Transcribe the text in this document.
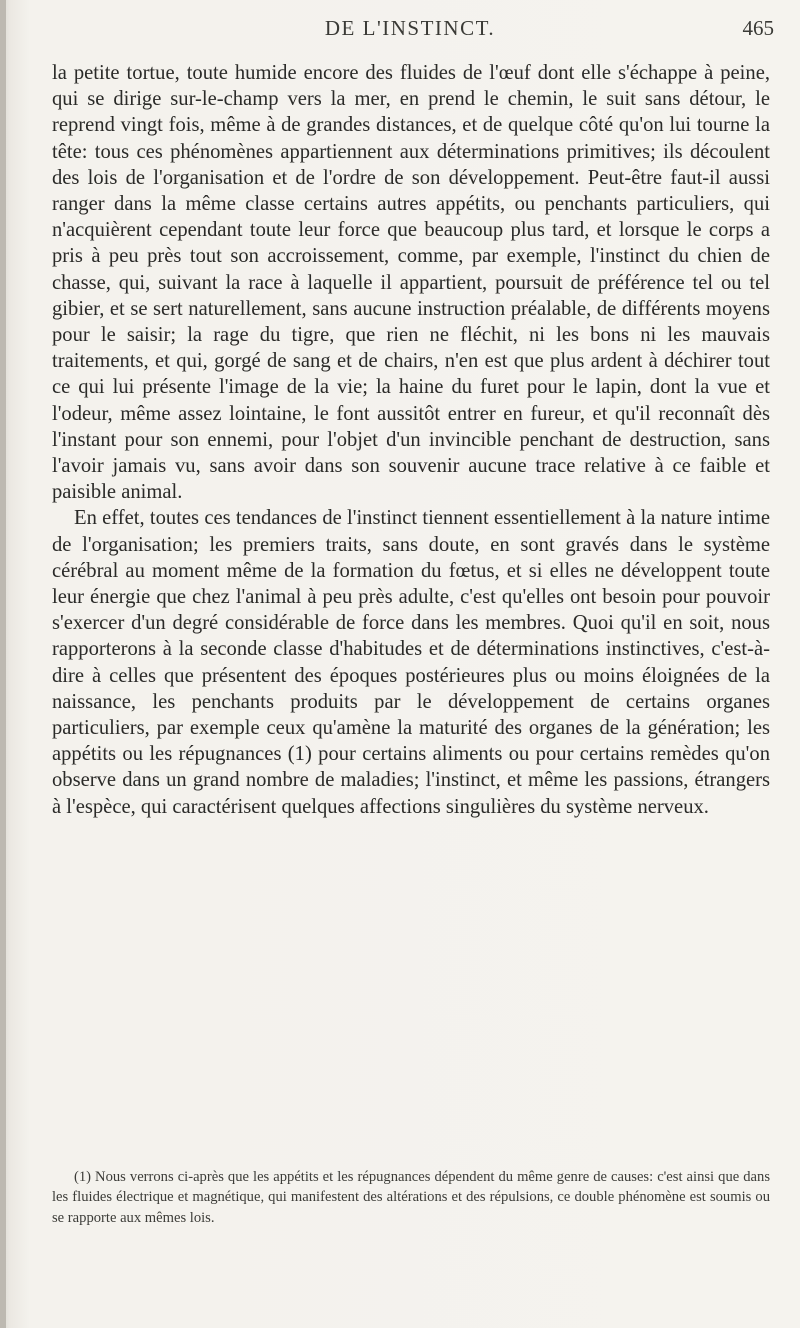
DE L'INSTINCT.	465

la petite tortue, toute humide encore des fluides de l'œuf dont elle s'échappe à peine, qui se dirige sur-le-champ vers la mer, en prend le chemin, le suit sans détour, le reprend vingt fois, même à de grandes distances, et de quelque côté qu'on lui tourne la tête: tous ces phénomènes appartiennent aux déterminations primitives; ils découlent des lois de l'organisation et de l'ordre de son développement. Peut-être faut-il aussi ranger dans la même classe certains autres appétits, ou penchants particuliers, qui n'acquièrent cependant toute leur force que beaucoup plus tard, et lorsque le corps a pris à peu près tout son accroissement, comme, par exemple, l'instinct du chien de chasse, qui, suivant la race à laquelle il appartient, poursuit de préférence tel ou tel gibier, et se sert naturellement, sans aucune instruction préalable, de différents moyens pour le saisir; la rage du tigre, que rien ne fléchit, ni les bons ni les mauvais traitements, et qui, gorgé de sang et de chairs, n'en est que plus ardent à déchirer tout ce qui lui présente l'image de la vie; la haine du furet pour le lapin, dont la vue et l'odeur, même assez lointaine, le font aussitôt entrer en fureur, et qu'il reconnaît dès l'instant pour son ennemi, pour l'objet d'un invincible penchant de destruction, sans l'avoir jamais vu, sans avoir dans son souvenir aucune trace relative à ce faible et paisible animal.

En effet, toutes ces tendances de l'instinct tiennent essentiellement à la nature intime de l'organisation; les premiers traits, sans doute, en sont gravés dans le système cérébral au moment même de la formation du fœtus, et si elles ne développent toute leur énergie que chez l'animal à peu près adulte, c'est qu'elles ont besoin pour pouvoir s'exercer d'un degré considérable de force dans les membres. Quoi qu'il en soit, nous rapporterons à la seconde classe d'habitudes et de déterminations instinctives, c'est-à-dire à celles que présentent des époques postérieures plus ou moins éloignées de la naissance, les penchants produits par le développement de certains organes particuliers, par exemple ceux qu'amène la maturité des organes de la génération; les appétits ou les répugnances (1) pour certains aliments ou pour certains remèdes qu'on observe dans un grand nombre de maladies; l'instinct, et même les passions, étrangers à l'espèce, qui caractérisent quelques affections singulières du système nerveux.

(1) Nous verrons ci-après que les appétits et les répugnances dépendent du même genre de causes: c'est ainsi que dans les fluides électrique et magnétique, qui manifestent des altérations et des répulsions, ce double phénomène est soumis ou se rapporte aux mêmes lois.
